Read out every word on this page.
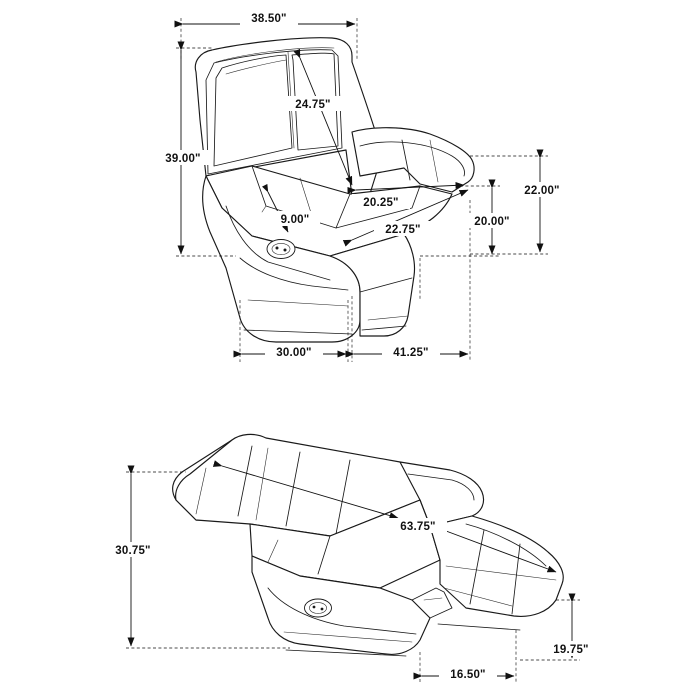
38.50"
24.75"
39.00"
20.25"
9.00"
22.75"
22.00"
20.00"
30.00"	41.25"
30.75"
63.75"
19.75"
16.50"
